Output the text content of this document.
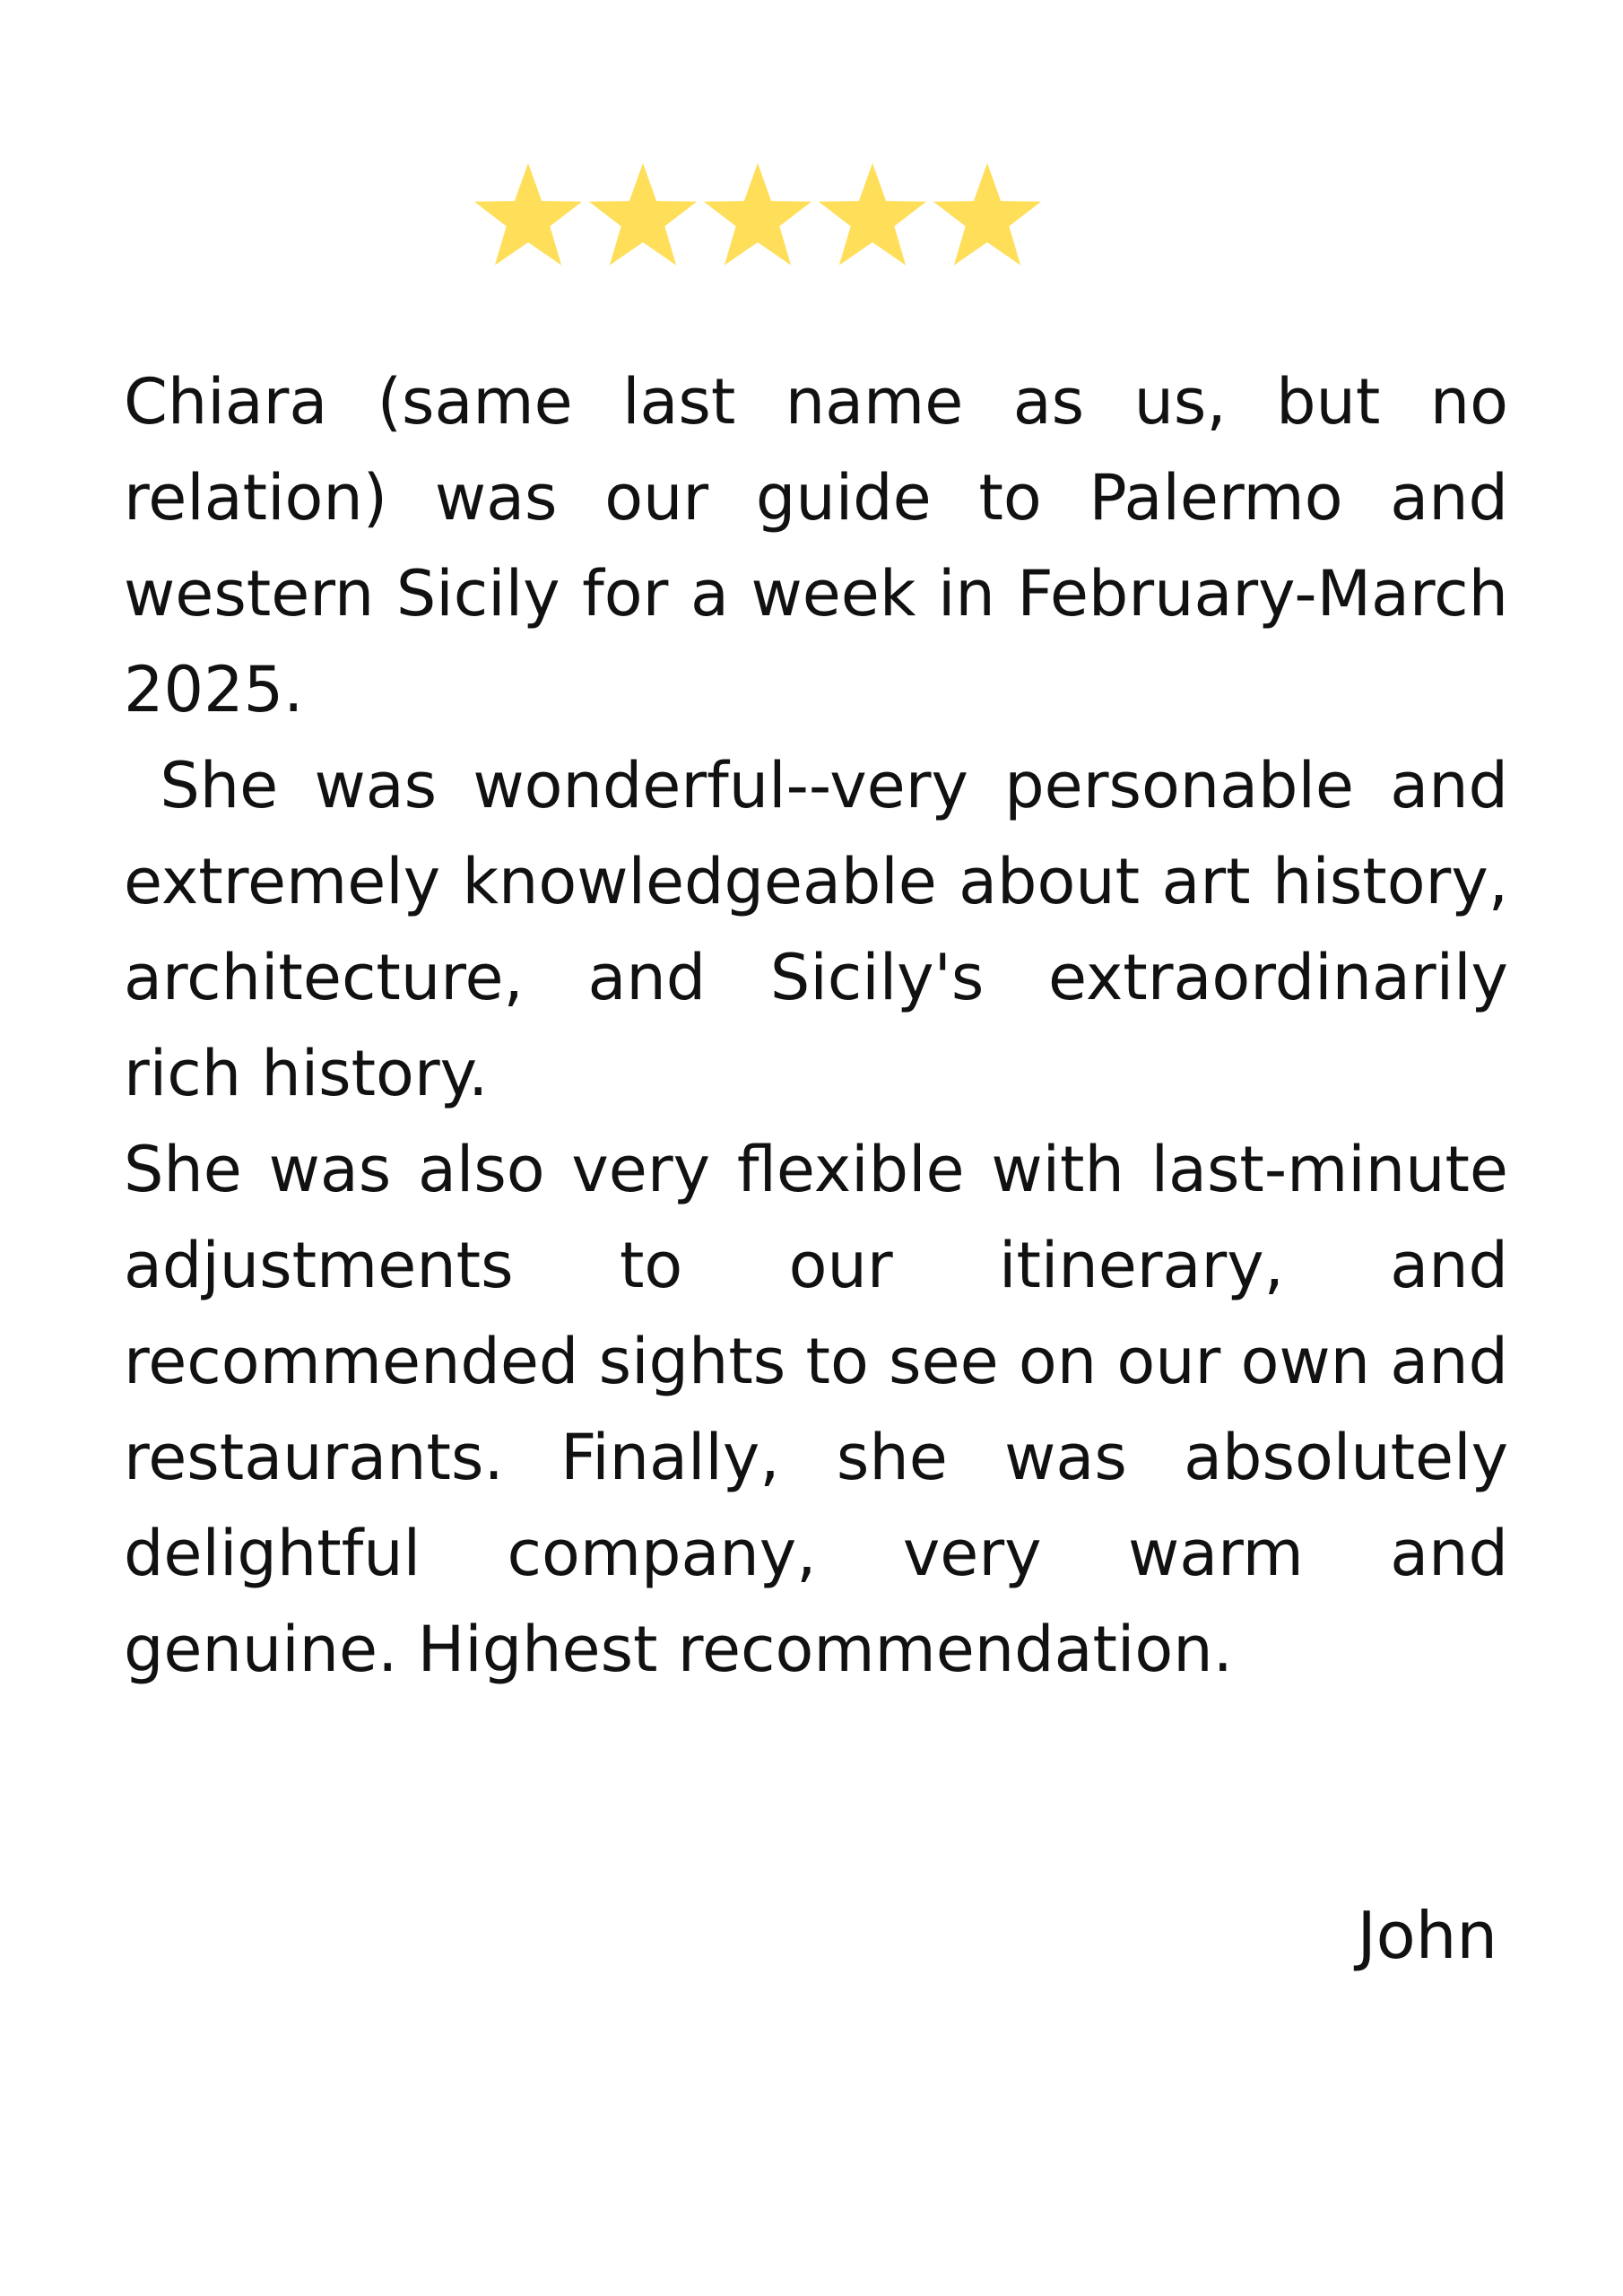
Chiara (same last name as us, but no relation) was our guide to Palermo and western Sicily for a week in February-March 2025.

She was wonderful--very personable and extremely knowledgeable about art history, architecture, and Sicily's extraordinarily rich history.

She was also very flexible with last-minute adjustments to our itinerary, and recommended sights to see on our own and restaurants. Finally, she was absolutely delightful company, very warm and genuine. Highest recommendation.

John
